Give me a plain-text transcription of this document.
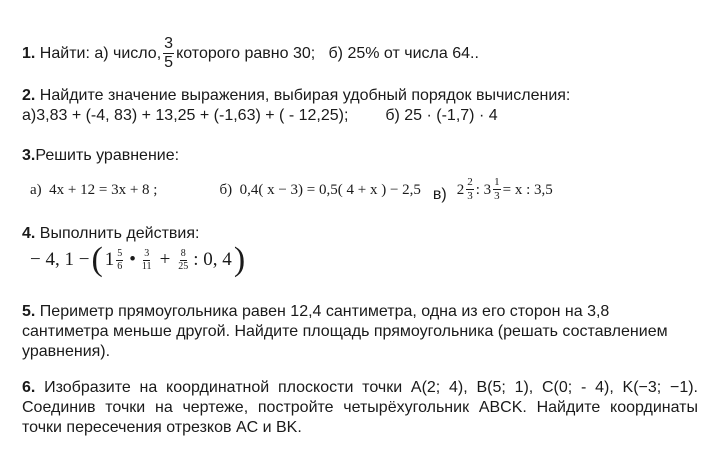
1.
Найти: а) число, $\frac{3}{5}$ которого равно 30;   б) 25% от числа 64..
2. Найдите значение выражения, выбирая удобный порядок вычисления:
а)3,83 + (-4, 83) + 13,25 + (-1,63) + ( - 12,25); б) 25 · (-1,7) · 4
3.Решить уравнение:
а)  4x + 12 = 3x + 8 ;	б)  0,4( x − 3) = 0,5( 4 + x ) − 2,5 в) $2 \frac{2}{3}$ : $3 \frac{1}{3} = x$ : 3,5
4. Выполнить действия:
− 4, 1 − ( $1 \frac{5}{6}$ • $\frac{3}{11} + \frac{8}{25}$ : 0, 4 )
5. Периметр прямоугольника равен 12,4 сантиметра, одна из его сторон на 3,8 сантиметра меньше другой. Найдите площадь прямоугольника (решать составлением уравнения).
6. Изобразите на координатной плоскости точки A(2; 4), B(5; 1), C(0; - 4), K(−3; −1). Соединив точки на чертеже, постройте четырёхугольник ABCK. Найдите координаты точки пересечения отрезков AC и BK.
